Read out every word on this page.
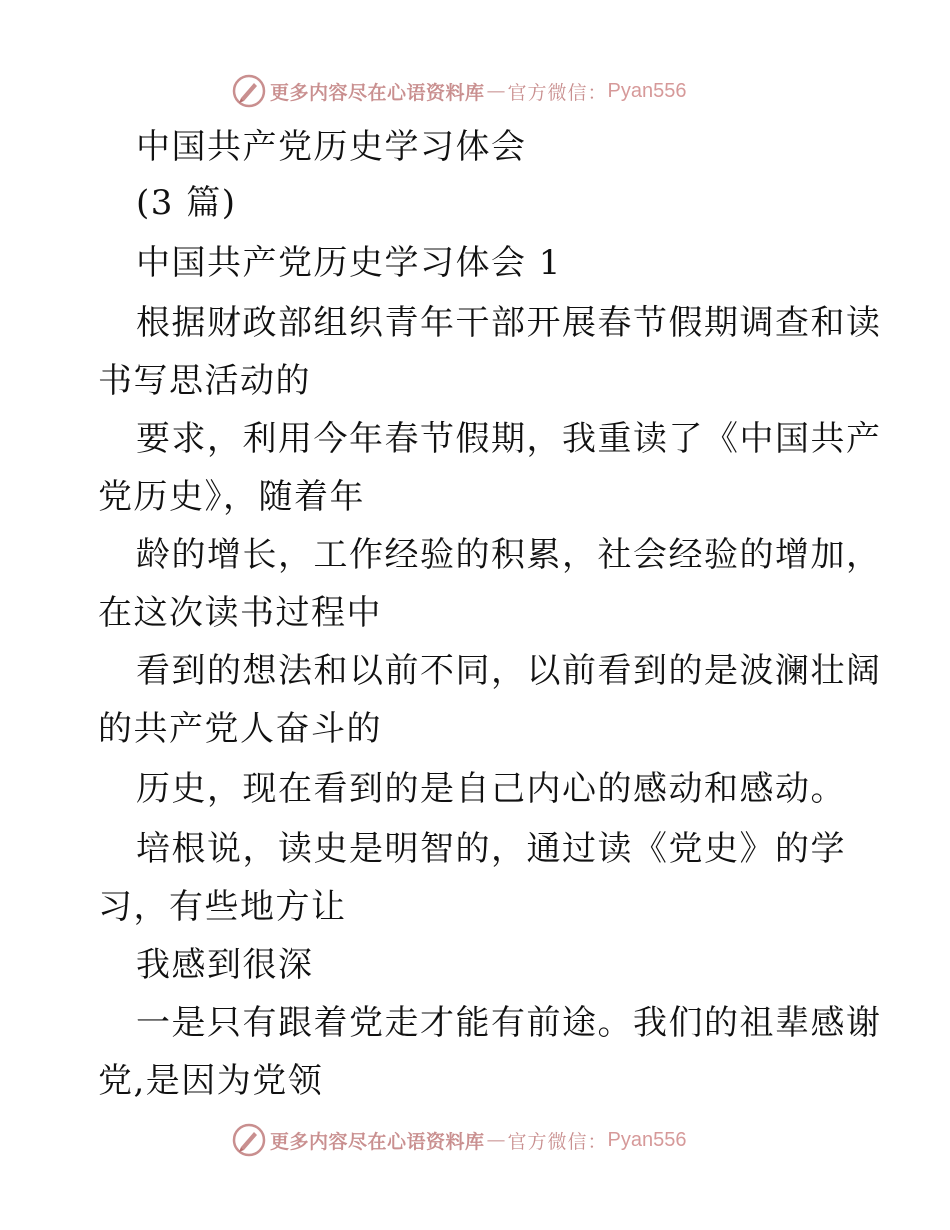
更多内容尽在心语资料库 — 官方微信： Pyan556
中国共产党历史学习体会
(3 篇)
中国共产党历史学习体会 1
根据财政部组织青年干部开展春节假期调查和读
书写思活动的
要求，利用今年春节假期，我重读了《中国共产
党历史》，随着年
龄的增长，工作经验的积累，社会经验的增加，
在这次读书过程中
看到的想法和以前不同，以前看到的是波澜壮阔
的共产党人奋斗的
历史，现在看到的是自己内心的感动和感动。
培根说，读史是明智的，通过读《党史》的学
习，有些地方让
我感到很深
一是只有跟着党走才能有前途。我们的祖辈感谢
党,是因为党领
更多内容尽在心语资料库 — 官方微信： Pyan556
